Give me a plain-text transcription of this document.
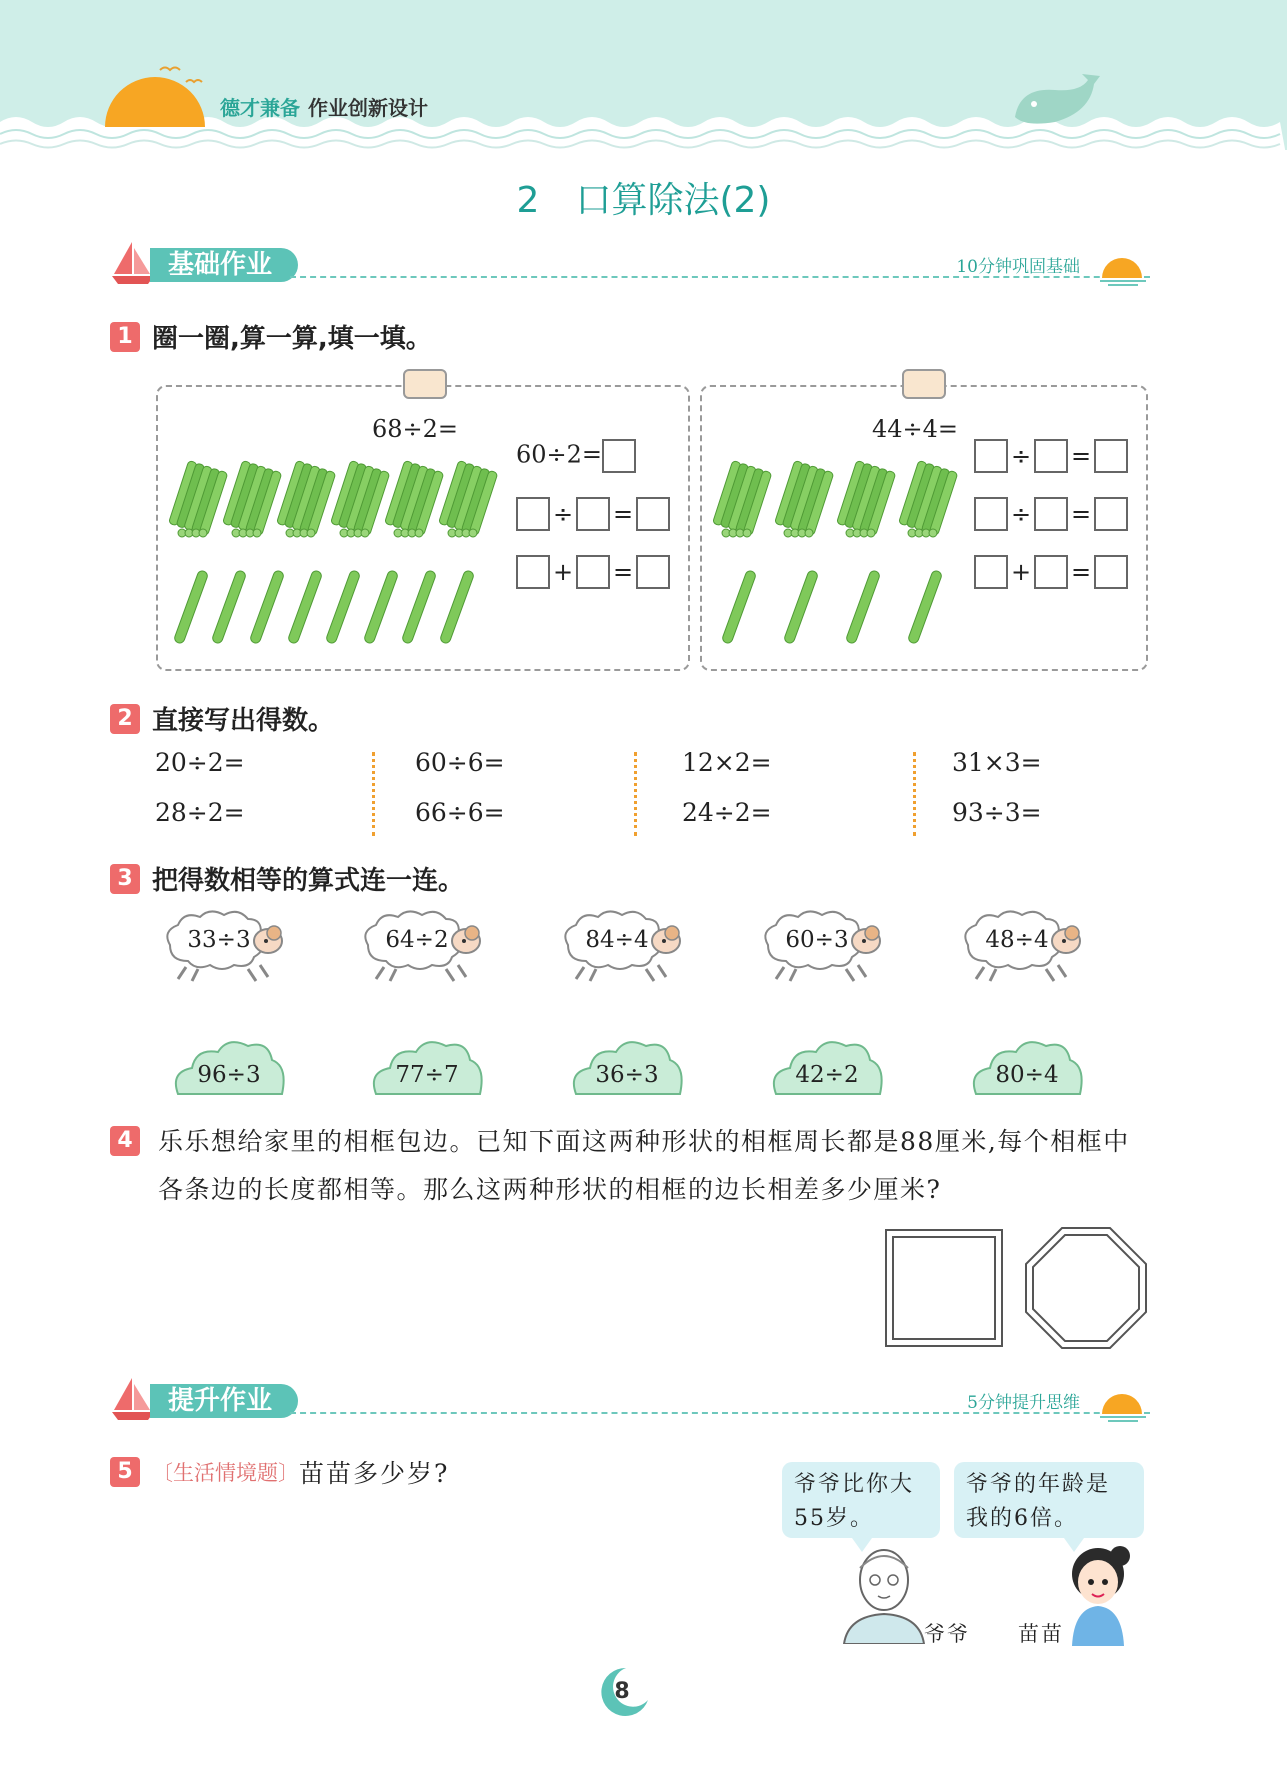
德才兼备 作业创新设计
2　口算除法(2)
基础作业	10分钟巩固基础
1 圈一圈,算一算,填一填。
68÷2=
60÷2=
÷ =
+ =
44÷4=
÷ =
÷ =
+ =
2 直接写出得数。
20÷2=
28÷2=
60÷6=
66÷6=
12×2=
24÷2=
31×3=
93÷3=
3 把得数相等的算式连一连。
33÷3	64÷2	84÷4	60÷3	48÷4
96÷3	77÷7	36÷3	42÷2	80÷4
4	乐乐想给家里的相框包边。已知下面这两种形状的相框周长都是88厘米,每个相框中各条边的长度都相等。那么这两种形状的相框的边长相差多少厘米?
提升作业	5分钟提升思维
5 〔生活情境题〕苗苗多少岁?	爷爷比你大55岁。
爷爷的年龄是我的6倍。
爷爷 苗苗
8
